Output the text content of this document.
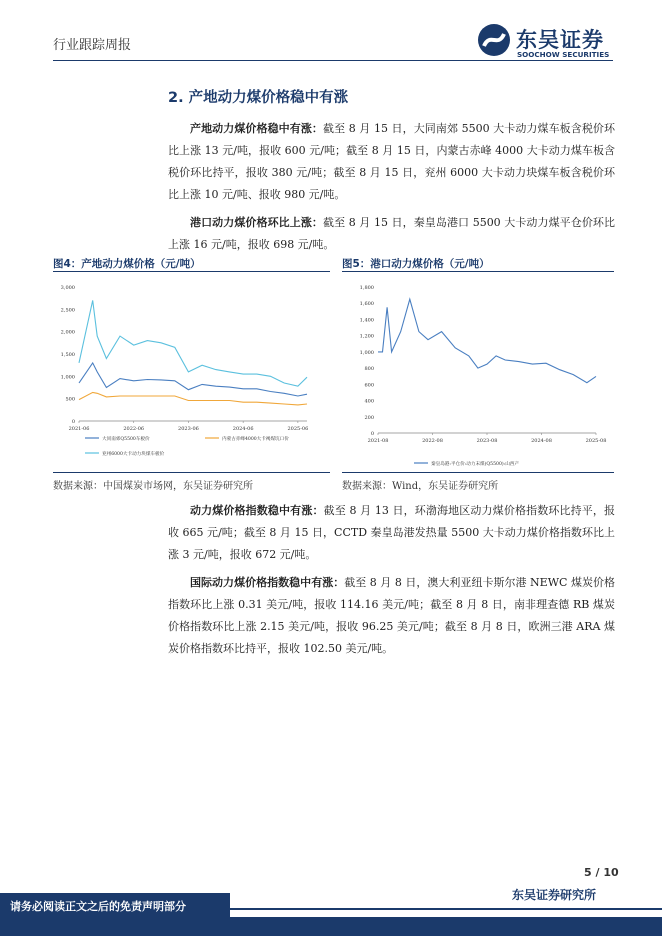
行业跟踪周报	东吴证券
SOOCHOW SECURITIES
2. 产地动力煤价格稳中有涨
产地动力煤价格稳中有涨：截至 8 月 15 日，大同南郊 5500 大卡动力煤车板含税价环比上涨 13 元/吨，报收 600 元/吨；截至 8 月 15 日，内蒙古赤峰 4000 大卡动力煤车板含税价环比持平，报收 380 元/吨；截至 8 月 15 日，兖州 6000 大卡动力块煤车板含税价环比上涨 10 元/吨、报收 980 元/吨。
港口动力煤价格环比上涨：截至 8 月 15 日，秦皇岛港口 5500 大卡动力煤平仓价环比上涨 16 元/吨，报收 698 元/吨。
图4：产地动力煤价格（元/吨）	图5：港口动力煤价格（元/吨）
0
500
1,000
1,500
2,000
2,500
3,000
2021-06	2022-06	2023-06	2024-06	2025-06
大同南郊Q5500车板价	内蒙古赤峰4000大卡褐煤坑口价
兖州6000大卡动力块煤车板价
0
200
400
600
800
1,000
1,200
1,400
1,600
1,800
2021-08	2022-08	2023-08	2024-08	2025-08
秦皇岛港:平仓价:动力末煤(Q5500):山西产
数据来源：中国煤炭市场网，东吴证券研究所	数据来源：Wind，东吴证券研究所
动力煤价格指数稳中有涨：截至 8 月 13 日，环渤海地区动力煤价格指数环比持平，报收 665 元/吨；截至 8 月 15 日，CCTD 秦皇岛港发热量 5500 大卡动力煤价格指数环比上涨 3 元/吨，报收 672 元/吨。
国际动力煤价格指数稳中有涨：截至 8 月 8 日，澳大利亚纽卡斯尔港 NEWC 煤炭价格指数环比上涨 0.31 美元/吨，报收 114.16 美元/吨；截至 8 月 8 日，南非理查德 RB 煤炭价格指数环比上涨 2.15 美元/吨，报收 96.25 美元/吨；截至 8 月 8 日，欧洲三港 ARA 煤炭价格指数环比持平，报收 102.50 美元/吨。
5 / 10
东吴证券研究所
请务必阅读正文之后的免责声明部分
